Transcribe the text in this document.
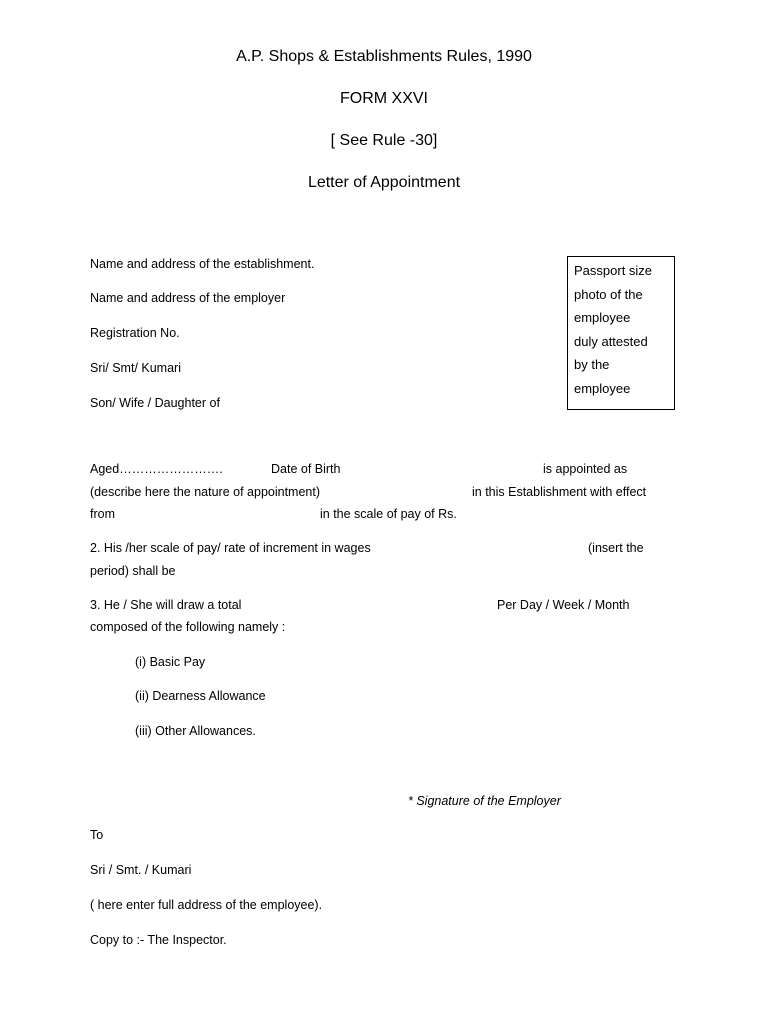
A.P. Shops & Establishments Rules, 1990
FORM XXVI
[ See Rule -30]
Letter of Appointment
Name and address of the establishment.
Name and address of the employer
Registration No.
Sri/ Smt/ Kumari
Son/ Wife / Daughter of
Passport size
photo of the
employee
duly attested
by the
employee
Aged…………………….	Date of Birth	is appointed as
(describe here the nature of appointment)	in this Establishment with effect
from	in the scale of pay of Rs.
2. His /her scale of pay/ rate of increment in wages	(insert the
period) shall be
3. He / She will draw a total	Per Day / Week / Month
composed of the following namely :
(i) Basic Pay
(ii) Dearness Allowance
(iii) Other Allowances.
* Signature of the Employer
To
Sri / Smt. / Kumari
( here enter full address of the employee).
Copy to :- The Inspector.
